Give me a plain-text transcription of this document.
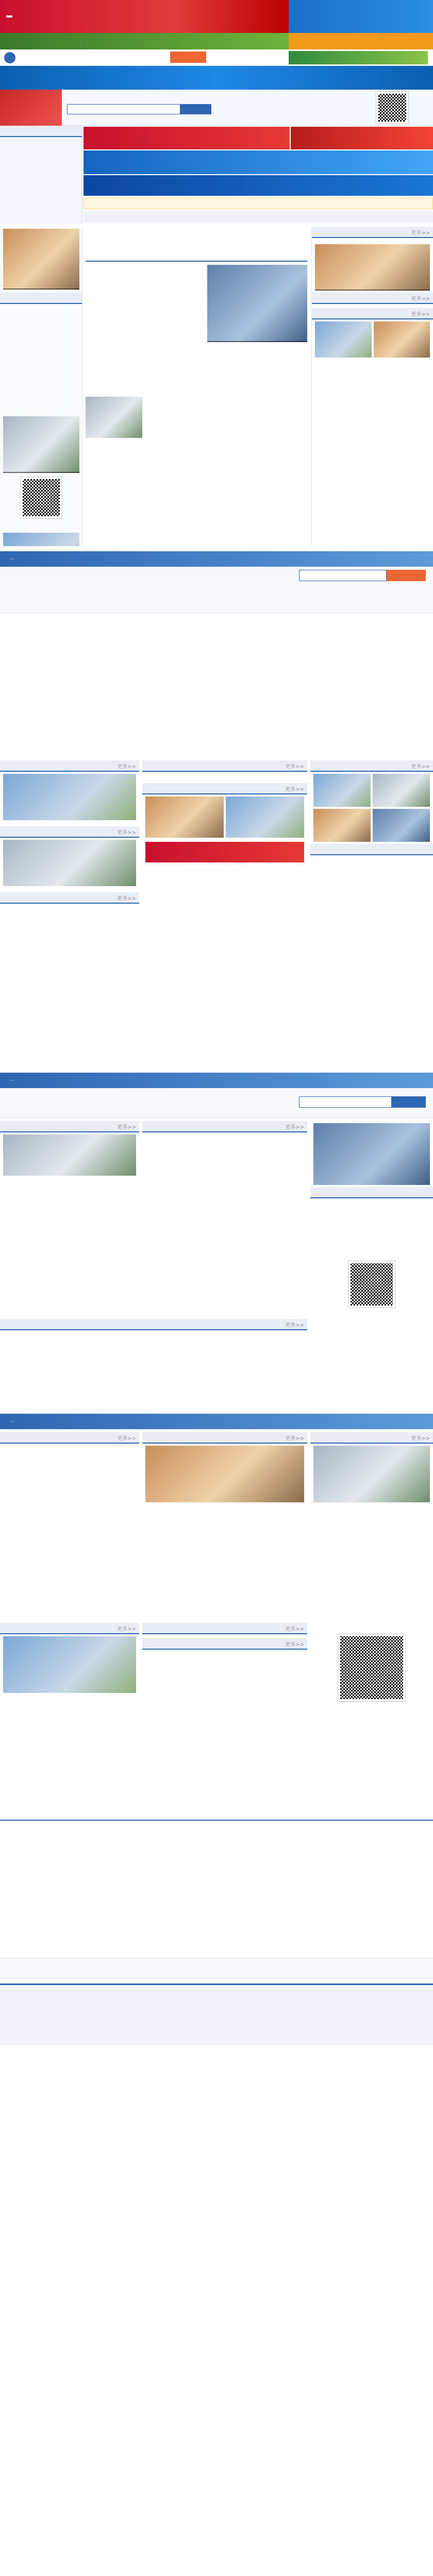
更多>>
更多>>
更多>>
更多>>
更多>>
更多>>
更多>>
更多>>
更多>>
更多>>	更多>>
更多>>
更多>>	更多>>	更多>>
更多>>	更多>>
更多>>
